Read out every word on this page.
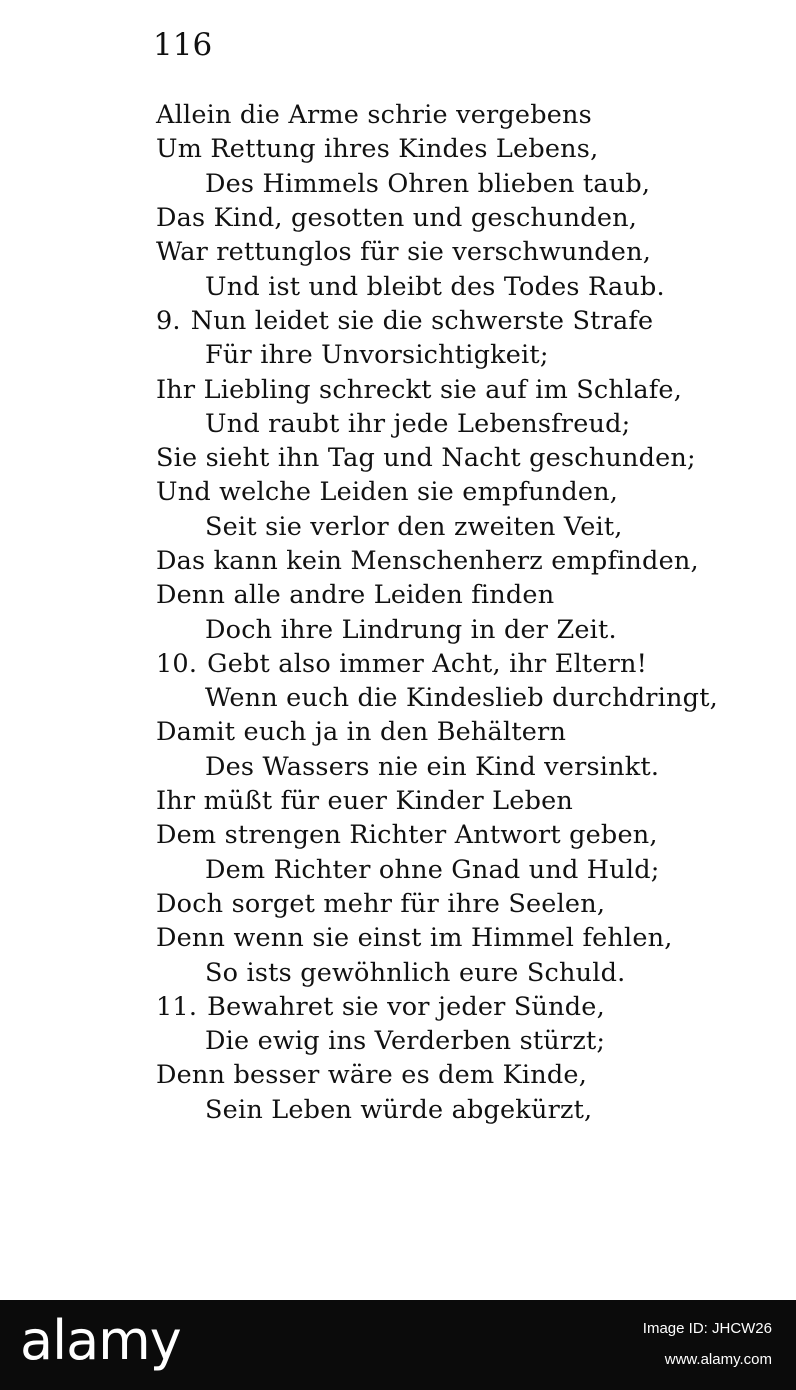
116
Allein die Arme schrie vergebens
Um Rettung ihres Kindes Lebens,
Des Himmels Ohren blieben taub,
Das Kind, gesotten und geschunden,
War rettunglos für sie verschwunden,
Und ist und bleibt des Todes Raub.
9. Nun leidet sie die schwerste Strafe
Für ihre Unvorsichtigkeit;
Ihr Liebling schreckt sie auf im Schlafe,
Und raubt ihr jede Lebensfreud;
Sie sieht ihn Tag und Nacht geschunden;
Und welche Leiden sie empfunden,
Seit sie verlor den zweiten Veit,
Das kann kein Menschenherz empfinden,
Denn alle andre Leiden finden
Doch ihre Lindrung in der Zeit.
10. Gebt also immer Acht, ihr Eltern!
Wenn euch die Kindeslieb durchdringt,
Damit euch ja in den Behältern
Des Wassers nie ein Kind versinkt.
Ihr müßt für euer Kinder Leben
Dem strengen Richter Antwort geben,
Dem Richter ohne Gnad und Huld;
Doch sorget mehr für ihre Seelen,
Denn wenn sie einst im Himmel fehlen,
So ists gewöhnlich eure Schuld.
11. Bewahret sie vor jeder Sünde,
Die ewig ins Verderben stürzt;
Denn besser wäre es dem Kinde,
Sein Leben würde abgekürzt,
alamy	Image ID: JHCW26
www.alamy.com
